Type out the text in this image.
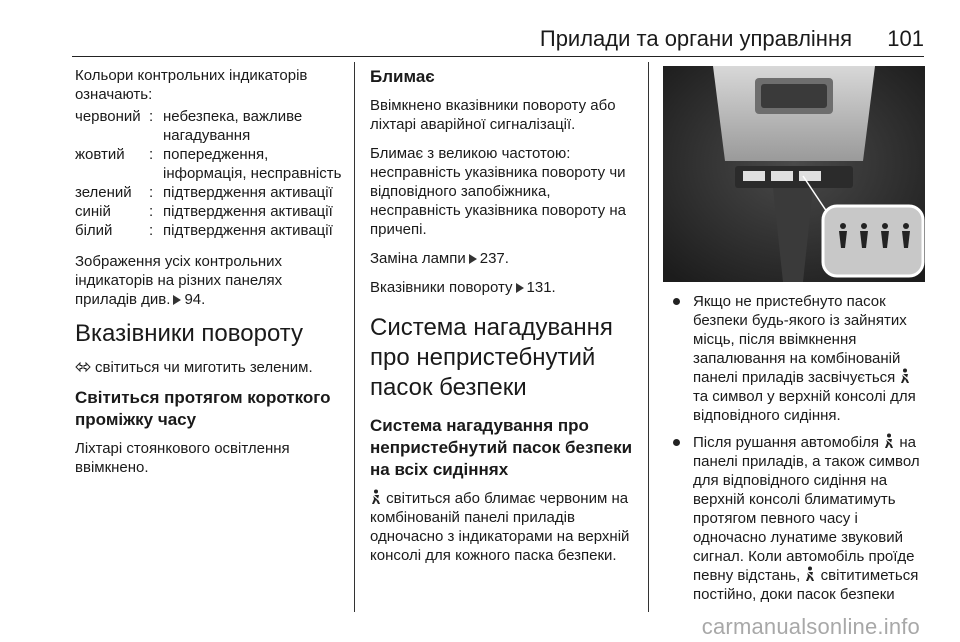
Прилади та органи управління 101

Кольори контрольних індикаторів означають:

червоний	:	небезпека, важливе нагадування
жовтий	:	попередження, інформація, несправність
зелений	:	підтвердження активації
синій	:	підтвердження активації
білий	:	підтвердження активації

Зображення усіх контрольних індикаторів на різних панелях приладів див. 94.

Вказівники повороту

світиться чи миготить зеленим.

Світиться протягом короткого проміжку часу

Ліхтарі стоянкового освітлення ввімкнено.

Блимає

Ввімкнено вказівники повороту або ліхтарі аварійної сигналізації.

Блимає з великою частотою: несправність указівника повороту чи відповідного запобіжника, несправність указівника повороту на причепі.

Заміна лампи 237.

Вказівники повороту 131.

Система нагадування про непристебнутий пасок безпеки
Система нагадування про непристебнутий пасок безпеки на всіх сидіннях

світиться або блимає червоним на комбінованій панелі приладів одночасно з індикаторами на верхній консолі для кожного паска безпеки.

Якщо не пристебнуто пасок безпеки будь-якого із зайнятих місць, після ввімкнення запалювання на комбінованій панелі приладів засвічується  та символ у верхній консолі для відповідного сидіння.
Після рушання автомобіля на панелі приладів, а також символ для відповідного сидіння на верхній консолі блиматимуть протягом певного часу і одночасно лунатиме звуковий сигнал. Коли автомобіль проїде певну відстань, світитиметься постійно, доки пасок безпеки
carmanualsonline.info
